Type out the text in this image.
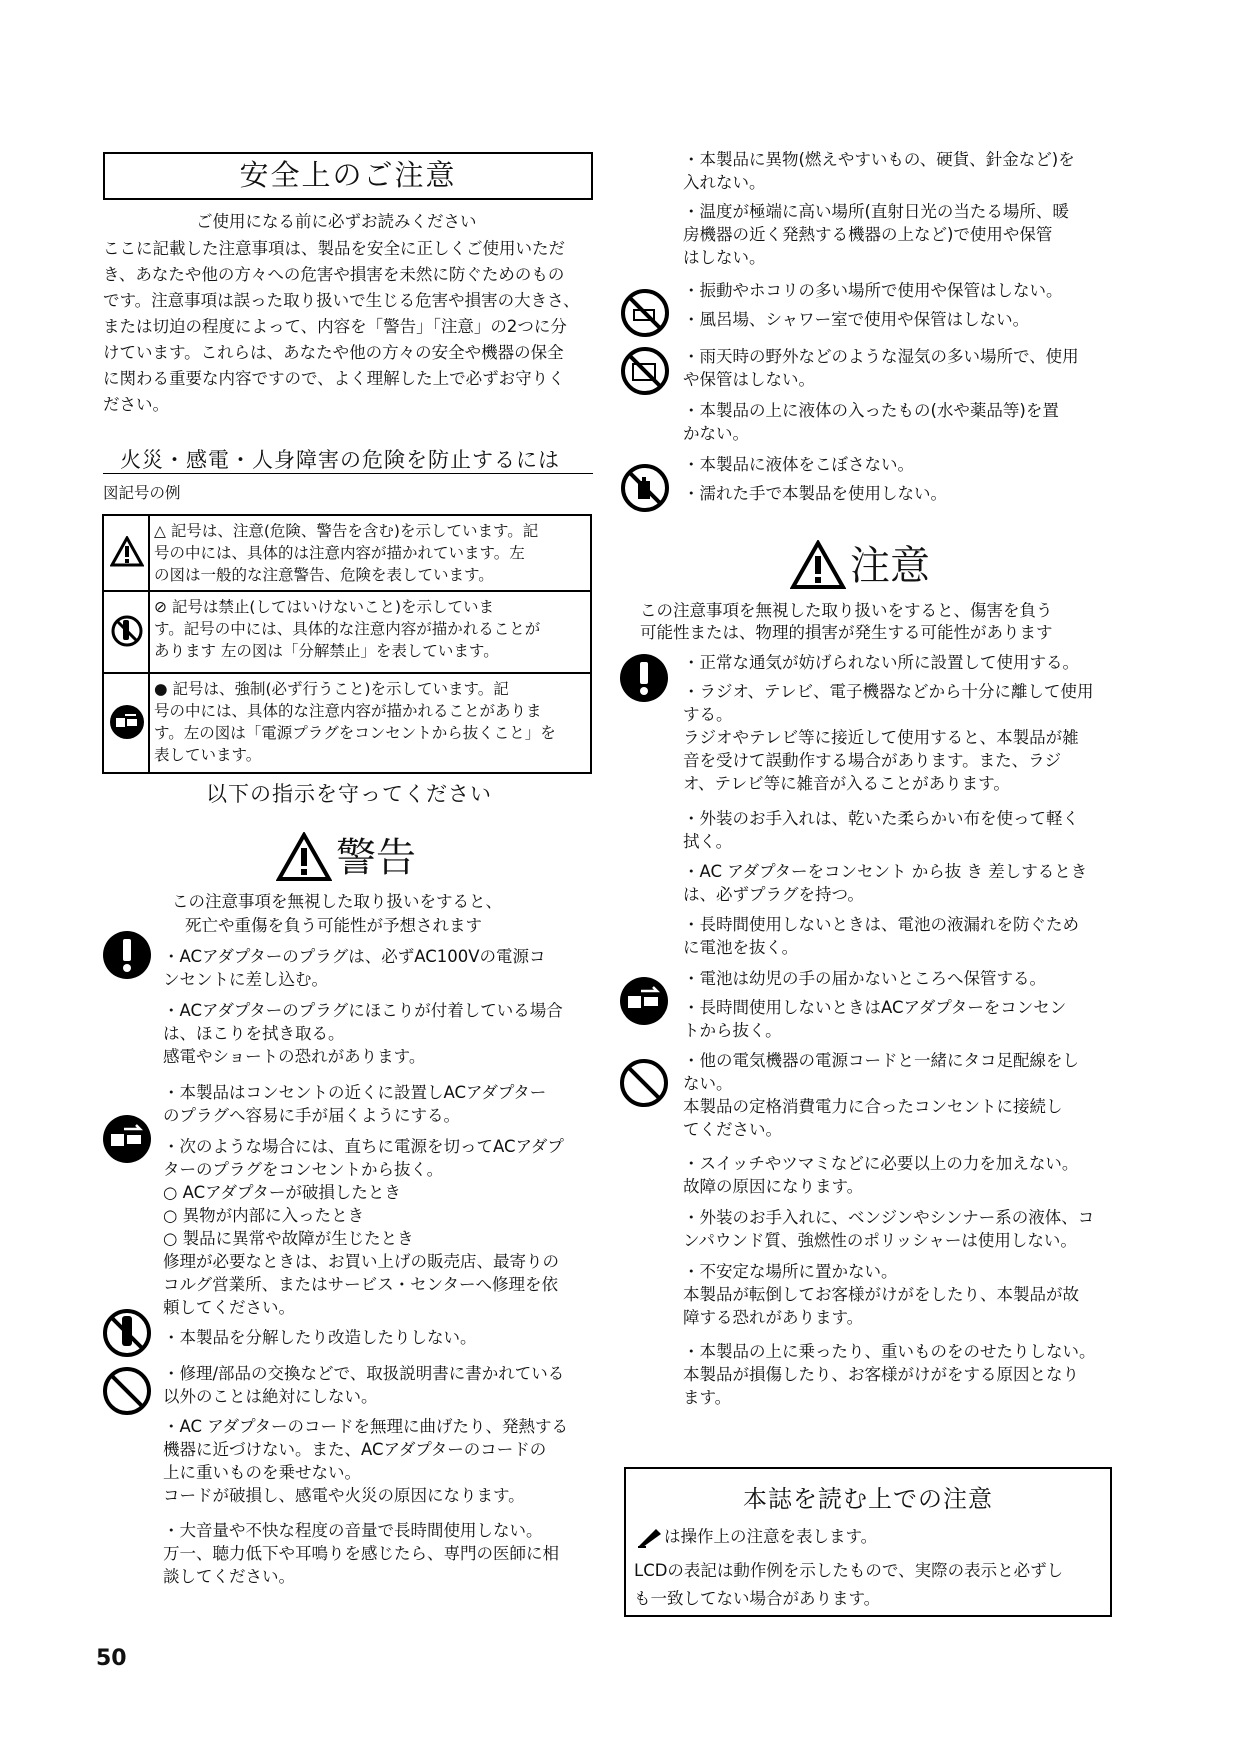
安全上のご注意
ご使用になる前に必ずお読みください
ここに記載した注意事項は、製品を安全に正しくご使用いただ
き、あなたや他の方々への危害や損害を未然に防ぐためのもの
です。注意事項は誤った取り扱いで生じる危害や損害の大きさ、
または切迫の程度によって、内容を「警告」「注意」の2つに分
けています。これらは、あなたや他の方々の安全や機器の保全
に関わる重要な内容ですので、よく理解した上で必ずお守りく
ださい。
火災・感電・人身障害の危険を防止するには
図記号の例
△ 記号は、注意(危険、警告を含む)を示しています。記
号の中には、具体的は注意内容が描かれています。左
の図は一般的な注意警告、危険を表しています。
⊘ 記号は禁止(してはいけないこと)を示していま
す。記号の中には、具体的な注意内容が描かれることが
あります 左の図は「分解禁止」を表しています。
● 記号は、強制(必ず行うこと)を示しています。記
号の中には、具体的な注意内容が描かれることがありま
す。左の図は「電源プラグをコンセントから抜くこと」を
表しています。
以下の指示を守ってください
警告
この注意事項を無視した取り扱いをすると、
死亡や重傷を負う可能性が予想されます
・ACアダプターのプラグは、必ずAC100Vの電源コ
ンセントに差し込む。
・ACアダプターのプラグにほこりが付着している場合
は、ほこりを拭き取る。
感電やショートの恐れがあります。
・本製品はコンセントの近くに設置しACアダプター
のプラグへ容易に手が届くようにする。
・次のような場合には、直ちに電源を切ってACアダプ
ターのプラグをコンセントから抜く。
○ ACアダプターが破損したとき
○ 異物が内部に入ったとき
○ 製品に異常や故障が生じたとき
修理が必要なときは、お買い上げの販売店、最寄りの
コルグ営業所、またはサービス・センターへ修理を依
頼してください。
・本製品を分解したり改造したりしない。
・修理/部品の交換などで、取扱説明書に書かれている
以外のことは絶対にしない。
・AC アダプターのコードを無理に曲げたり、発熱する
機器に近づけない。また、ACアダプターのコードの
上に重いものを乗せない。
コードが破損し、感電や火災の原因になります。
・大音量や不快な程度の音量で長時間使用しない。
万一、聴力低下や耳鳴りを感じたら、専門の医師に相
談してください。
50
・本製品に異物(燃えやすいもの、硬貨、針金など)を
入れない。
・温度が極端に高い場所(直射日光の当たる場所、暖
房機器の近く発熱する機器の上など)で使用や保管
はしない。
・振動やホコリの多い場所で使用や保管はしない。
・風呂場、シャワー室で使用や保管はしない。
・雨天時の野外などのような湿気の多い場所で、使用
や保管はしない。
・本製品の上に液体の入ったもの(水や薬品等)を置
かない。
・本製品に液体をこぼさない。
・濡れた手で本製品を使用しない。
注意
この注意事項を無視した取り扱いをすると、傷害を負う
可能性または、物理的損害が発生する可能性があります
・正常な通気が妨げられない所に設置して使用する。
・ラジオ、テレビ、電子機器などから十分に離して使用
する。
ラジオやテレビ等に接近して使用すると、本製品が雑
音を受けて誤動作する場合があります。また、ラジ
オ、テレビ等に雑音が入ることがあります。
・外装のお手入れは、乾いた柔らかい布を使って軽く
拭く。
・AC アダプターをコンセント から抜 き 差しするとき
は、必ずプラグを持つ。
・長時間使用しないときは、電池の液漏れを防ぐため
に電池を抜く。
・電池は幼児の手の届かないところへ保管する。
・長時間使用しないときはACアダプターをコンセン
トから抜く。
・他の電気機器の電源コードと一緒にタコ足配線をし
ない。
本製品の定格消費電力に合ったコンセントに接続し
てください。
・スイッチやツマミなどに必要以上の力を加えない。
故障の原因になります。
・外装のお手入れに、ベンジンやシンナー系の液体、コ
ンパウンド質、強燃性のポリッシャーは使用しない。
・不安定な場所に置かない。
本製品が転倒してお客様がけがをしたり、本製品が故
障する恐れがあります。
・本製品の上に乗ったり、重いものをのせたりしない。
本製品が損傷したり、お客様がけがをする原因となり
ます。
本誌を読む上での注意
は操作上の注意を表します。
LCDの表記は動作例を示したもので、実際の表示と必ずし
も一致してない場合があります。
